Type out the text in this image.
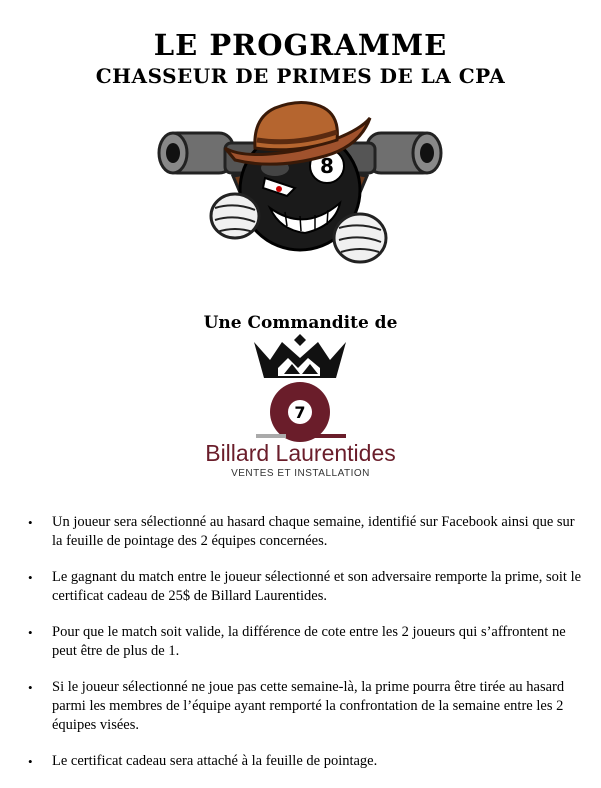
LE PROGRAMME
CHASSEUR DE PRIMES DE LA CPA
8
Une Commandite de
7
Billard Laurentides
VENTES ET INSTALLATION
• Un joueur sera sélectionné au hasard chaque semaine, identifié sur Facebook ainsi que sur la feuille de pointage des 2 équipes concernées.
• Le gagnant du match entre le joueur sélectionné et son adversaire remporte la prime, soit le certificat cadeau de 25$ de Billard Laurentides.
• Pour que le match soit valide, la différence de cote entre les 2 joueurs qui s’affrontent ne peut être de plus de 1.
• Si le joueur sélectionné ne joue pas cette semaine-là, la prime pourra être tirée au hasard parmi les membres de l’équipe ayant remporté la confrontation de la semaine entre les 2 équipes visées.
• Le certificat cadeau sera attaché à la feuille de pointage.
